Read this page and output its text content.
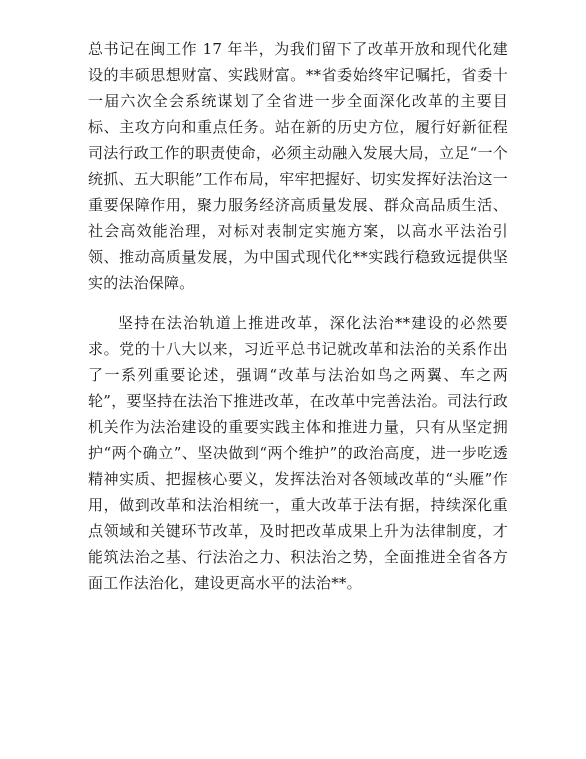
总书记在闽工作 17 年半，为我们留下了改革开放和现代化建设的丰硕思想财富、实践财富。**省委始终牢记嘱托，省委十一届六次全会系统谋划了全省进一步全面深化改革的主要目标、主攻方向和重点任务。站在新的历史方位，履行好新征程司法行政工作的职责使命，必须主动融入发展大局，立足“一个统抓、五大职能”工作布局，牢牢把握好、切实发挥好法治这一重要保障作用，聚力服务经济高质量发展、群众高品质生活、社会高效能治理，对标对表制定实施方案，以高水平法治引领、推动高质量发展，为中国式现代化**实践行稳致远提供坚实的法治保障。

坚持在法治轨道上推进改革，深化法治**建设的必然要求。党的十八大以来，习近平总书记就改革和法治的关系作出了一系列重要论述，强调“改革与法治如鸟之两翼、车之两轮”，要坚持在法治下推进改革，在改革中完善法治。司法行政机关作为法治建设的重要实践主体和推进力量，只有从坚定拥护“两个确立”、坚决做到“两个维护”的政治高度，进一步吃透精神实质、把握核心要义，发挥法治对各领域改革的“头雁”作用，做到改革和法治相统一，重大改革于法有据，持续深化重点领域和关键环节改革，及时把改革成果上升为法律制度，才能筑法治之基、行法治之力、积法治之势，全面推进全省各方面工作法治化，建设更高水平的法治**。
